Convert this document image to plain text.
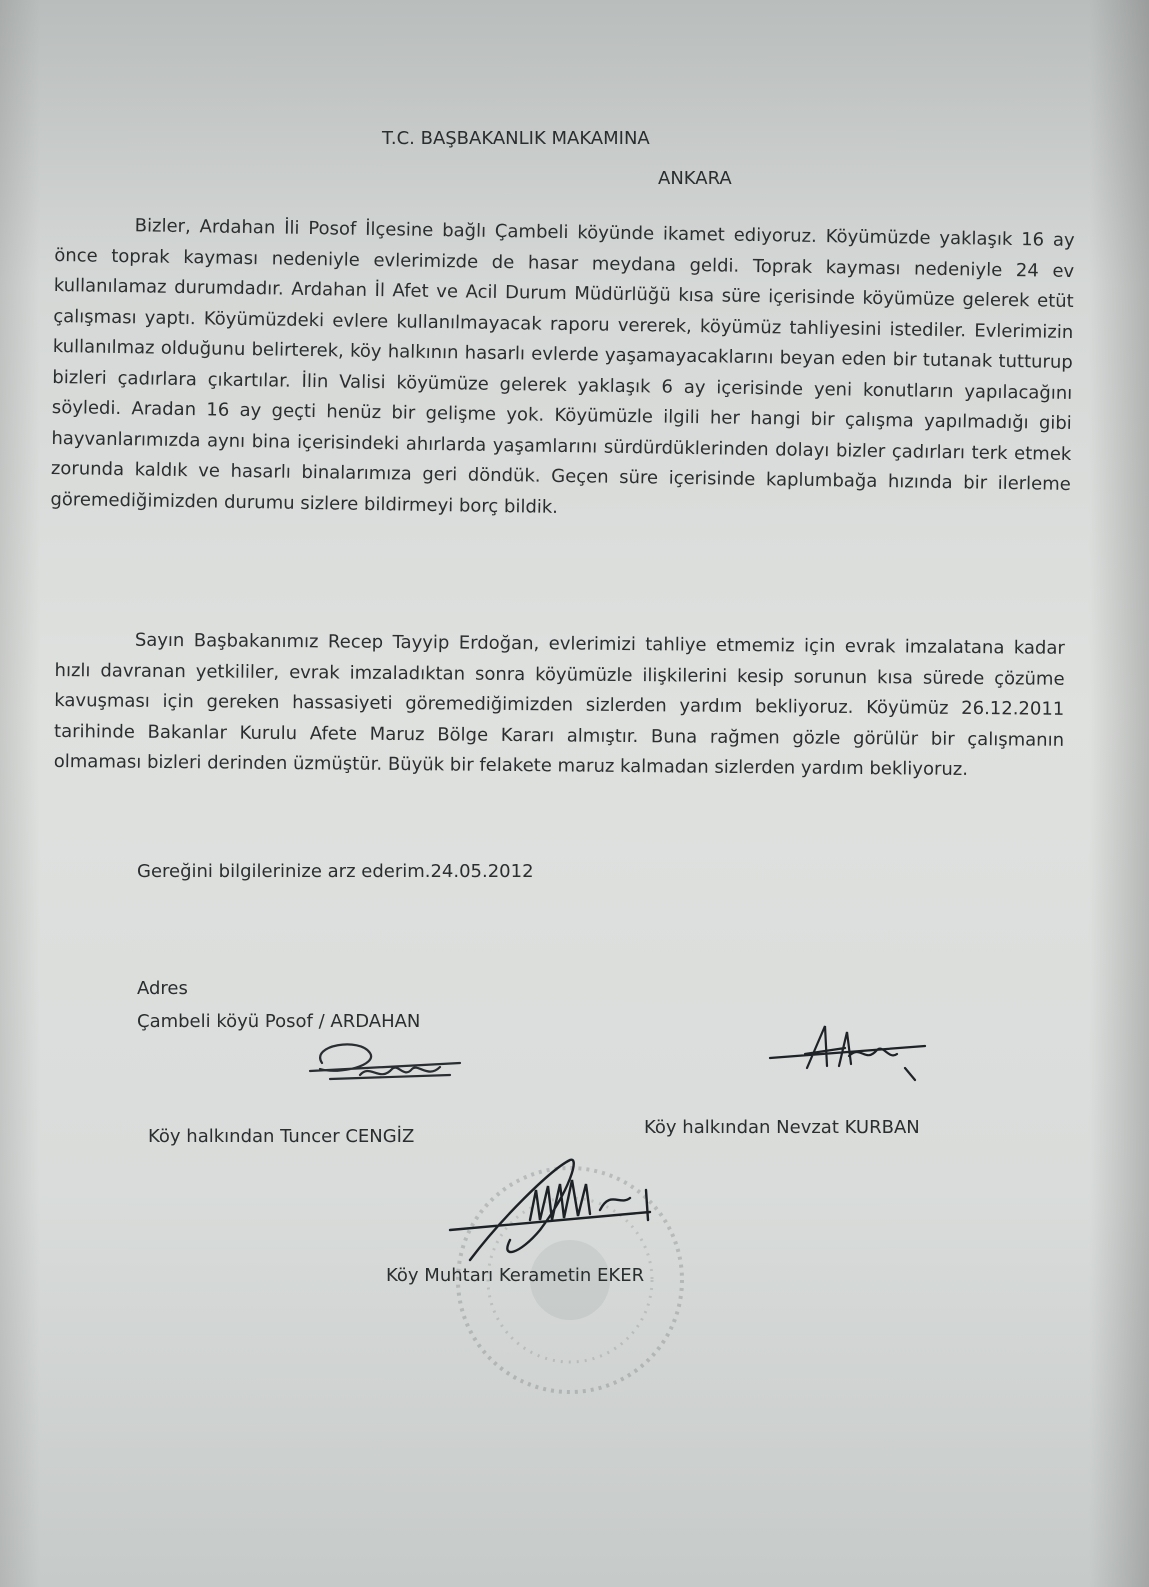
T.C. BAŞBAKANLIK MAKAMINA
ANKARA
Bizler, Ardahan İli Posof İlçesine bağlı Çambeli köyünde ikamet ediyoruz. Köyümüzde yaklaşık 16 ay önce toprak kayması nedeniyle evlerimizde de hasar meydana geldi. Toprak kayması nedeniyle 24 ev kullanılamaz durumdadır. Ardahan İl Afet ve Acil Durum Müdürlüğü kısa süre içerisinde köyümüze gelerek etüt çalışması yaptı. Köyümüzdeki evlere kullanılmayacak raporu vererek, köyümüz tahliyesini istediler. Evlerimizin kullanılmaz olduğunu belirterek, köy halkının hasarlı evlerde yaşamayacaklarını beyan eden bir tutanak tutturup bizleri çadırlara çıkartılar. İlin Valisi köyümüze gelerek yaklaşık 6 ay içerisinde yeni konutların yapılacağını söyledi. Aradan 16 ay geçti henüz bir gelişme yok. Köyümüzle ilgili her hangi bir çalışma yapılmadığı gibi hayvanlarımızda aynı bina içerisindeki ahırlarda yaşamlarını sürdürdüklerinden dolayı bizler çadırları terk etmek zorunda kaldık ve hasarlı binalarımıza geri döndük. Geçen süre içerisinde kaplumbağa hızında bir ilerleme göremediğimizden durumu sizlere bildirmeyi borç bildik.
Sayın Başbakanımız Recep Tayyip Erdoğan, evlerimizi tahliye etmemiz için evrak imzalatana kadar hızlı davranan yetkililer, evrak imzaladıktan sonra köyümüzle ilişkilerini kesip sorunun kısa sürede çözüme kavuşması için gereken hassasiyeti göremediğimizden sizlerden yardım bekliyoruz. Köyümüz 26.12.2011 tarihinde Bakanlar Kurulu Afete Maruz Bölge Kararı almıştır. Buna rağmen gözle görülür bir çalışmanın olmaması bizleri derinden üzmüştür. Büyük bir felakete maruz kalmadan sizlerden yardım bekliyoruz.
Gereğini bilgilerinize arz ederim.24.05.2012
Adres
Çambeli köyü Posof / ARDAHAN
Köy halkından Tuncer CENGİZ	Köy halkından Nevzat KURBAN
Köy Muhtarı Kerametin EKER
